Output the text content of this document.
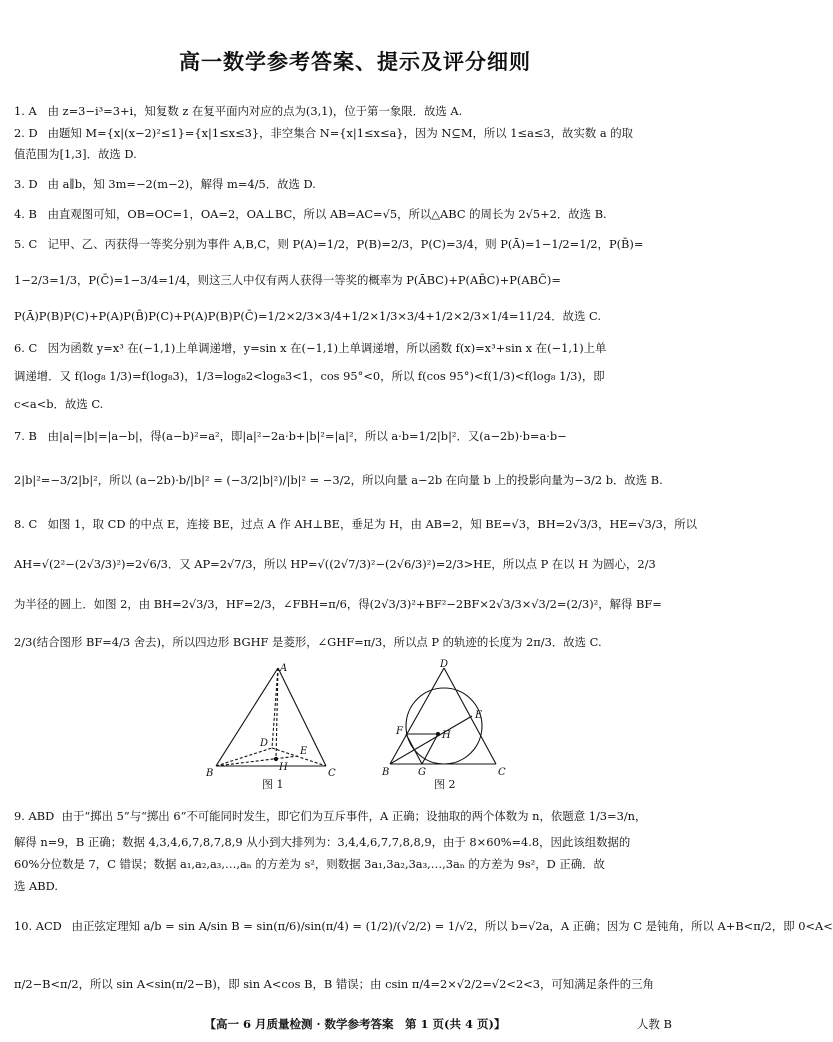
高一数学参考答案、提示及评分细则
1. A 由 z=3−i³=3+i，知复数 z 在复平面内对应的点为(3,1)，位于第一象限．故选 A.
2. D 由题知 M={x|(x−2)²≤1}={x|1≤x≤3}，非空集合 N={x|1≤x≤a}，因为 N⊆M，所以 1≤a≤3，故实数 a 的取
值范围为[1,3]．故选 D.
3. D 由 a∥b，知 3m=−2(m−2)，解得 m=4/5．故选 D.
4. B 由直观图可知，OB=OC=1，OA=2，OA⊥BC，所以 AB=AC=√5，所以△ABC 的周长为 2√5+2．故选 B.
5. C 记甲、乙、丙获得一等奖分别为事件 A,B,C，则 P(A)=1/2，P(B)=2/3，P(C)=3/4，则 P(Ā)=1−1/2=1/2，P(B̄)=
1−2/3=1/3，P(C̄)=1−3/4=1/4，则这三人中仅有两人获得一等奖的概率为 P(ĀBC)+P(AB̄C)+P(ABC̄)=
P(Ā)P(B)P(C)+P(A)P(B̄)P(C)+P(A)P(B)P(C̄)=1/2×2/3×3/4+1/2×1/3×3/4+1/2×2/3×1/4=11/24．故选 C.
6. C 因为函数 y=x³ 在(−1,1)上单调递增，y=sin x 在(−1,1)上单调递增，所以函数 f(x)=x³+sin x 在(−1,1)上单
调递增．又 f(log₈ 1/3)=f(log₈3)，1/3=log₈2<log₈3<1，cos 95°<0，所以 f(cos 95°)<f(1/3)<f(log₈ 1/3)，即
c<a<b．故选 C.
7. B 由|a|=|b|=|a−b|，得(a−b)²=a²，即|a|²−2a·b+|b|²=|a|²，所以 a·b=1/2|b|²．又(a−2b)·b=a·b−
2|b|²=−3/2|b|²，所以 (a−2b)·b/|b|² = (−3/2|b|²)/|b|² = −3/2，所以向量 a−2b 在向量 b 上的投影向量为−3/2 b．故选 B.
8. C 如图 1，取 CD 的中点 E，连接 BE，过点 A 作 AH⊥BE，垂足为 H，由 AB=2，知 BE=√3，BH=2√3/3，HE=√3/3，所以
AH=√(2²−(2√3/3)²)=2√6/3．又 AP=2√7/3，所以 HP=√((2√7/3)²−(2√6/3)²)=2/3>HE，所以点 P 在以 H 为圆心，2/3
为半径的圆上．如图 2，由 BH=2√3/3，HF=2/3，∠FBH=π/6，得(2√3/3)²+BF²−2BF×2√3/3×√3/2=(2/3)²，解得 BF=
2/3(结合图形 BF=4/3 舍去)，所以四边形 BGHF 是菱形，∠GHF=π/3，所以点 P 的轨迹的长度为 2π/3．故选 C.
A
B	C
D
E
H
图 1
D
E
F	H
B	G	C
图 2
9. ABD 由于“掷出 5”与“掷出 6”不可能同时发生，即它们为互斥事件，A 正确；设抽取的两个体数为 n，依题意 1/3=3/n，
解得 n=9，B 正确；数据 4,3,4,6,7,8,7,8,9 从小到大排列为：3,4,4,6,7,7,8,8,9，由于 8×60%=4.8，因此该组数据的
60%分位数是 7，C 错误；数据 a₁,a₂,a₃,…,aₙ 的方差为 s²，则数据 3a₁,3a₂,3a₃,…,3aₙ 的方差为 9s²，D 正确．故
选 ABD.
10. ACD 由正弦定理知 a/b = sin A/sin B = sin(π/6)/sin(π/4) = (1/2)/(√2/2) = 1/√2，所以 b=√2a，A 正确；因为 C 是钝角，所以 A+B<π/2，即 0<A<
π/2−B<π/2，所以 sin A<sin(π/2−B)，即 sin A<cos B，B 错误；由 csin π/4=2×√2/2=√2<2<3，可知满足条件的三角
【高一 6 月质量检测 · 数学参考答案　第 1 页(共 4 页)】	人教 B
